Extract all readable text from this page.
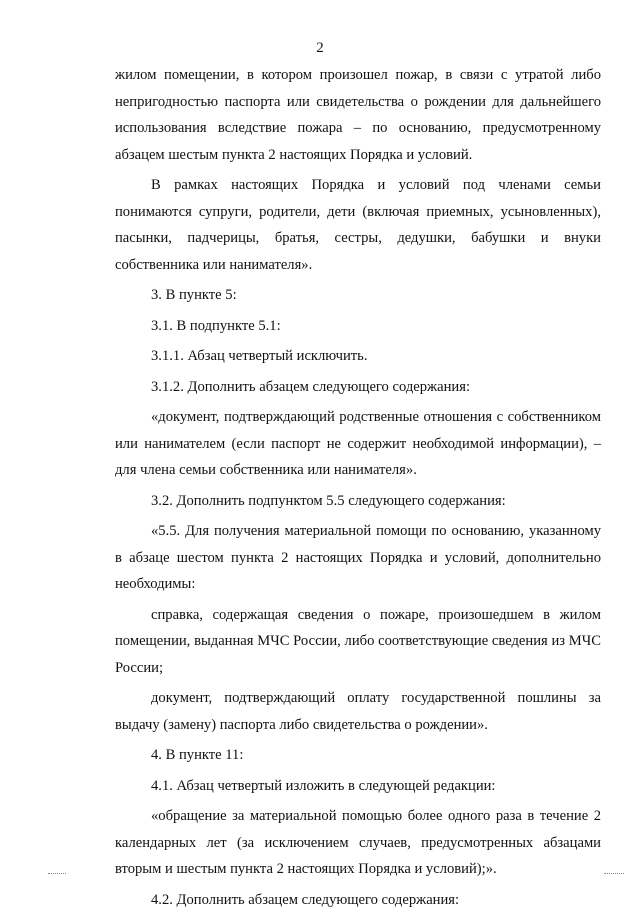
2

жилом помещении, в котором произошел пожар, в связи с утратой либо непригодностью паспорта или свидетельства о рождении для дальнейшего использования вследствие пожара – по основанию, предусмотренному абзацем шестым пункта 2 настоящих Порядка и условий.

В рамках настоящих Порядка и условий под членами семьи понимаются супруги, родители, дети (включая приемных, усыновленных), пасынки, падчерицы, братья, сестры, дедушки, бабушки и внуки собственника или нанимателя».

3. В пункте 5:

3.1. В подпункте 5.1:

3.1.1. Абзац четвертый исключить.

3.1.2. Дополнить абзацем следующего содержания:

«документ, подтверждающий родственные отношения с собственником или нанимателем (если паспорт не содержит необходимой информации), – для члена семьи собственника или нанимателя».

3.2. Дополнить подпунктом 5.5 следующего содержания:

«5.5. Для получения материальной помощи по основанию, указанному в абзаце шестом пункта 2 настоящих Порядка и условий, дополнительно необходимы:

справка, содержащая сведения о пожаре, произошедшем в жилом помещении, выданная МЧС России, либо соответствующие сведения из МЧС России;

документ, подтверждающий оплату государственной пошлины за выдачу (замену) паспорта либо свидетельства о рождении».

4. В пункте 11:

4.1. Абзац четвертый изложить в следующей редакции:

«обращение за материальной помощью более одного раза в течение 2 календарных лет (за исключением случаев, предусмотренных абзацами вторым и шестым пункта 2 настоящих Порядка и условий);».

4.2. Дополнить абзацем следующего содержания:
